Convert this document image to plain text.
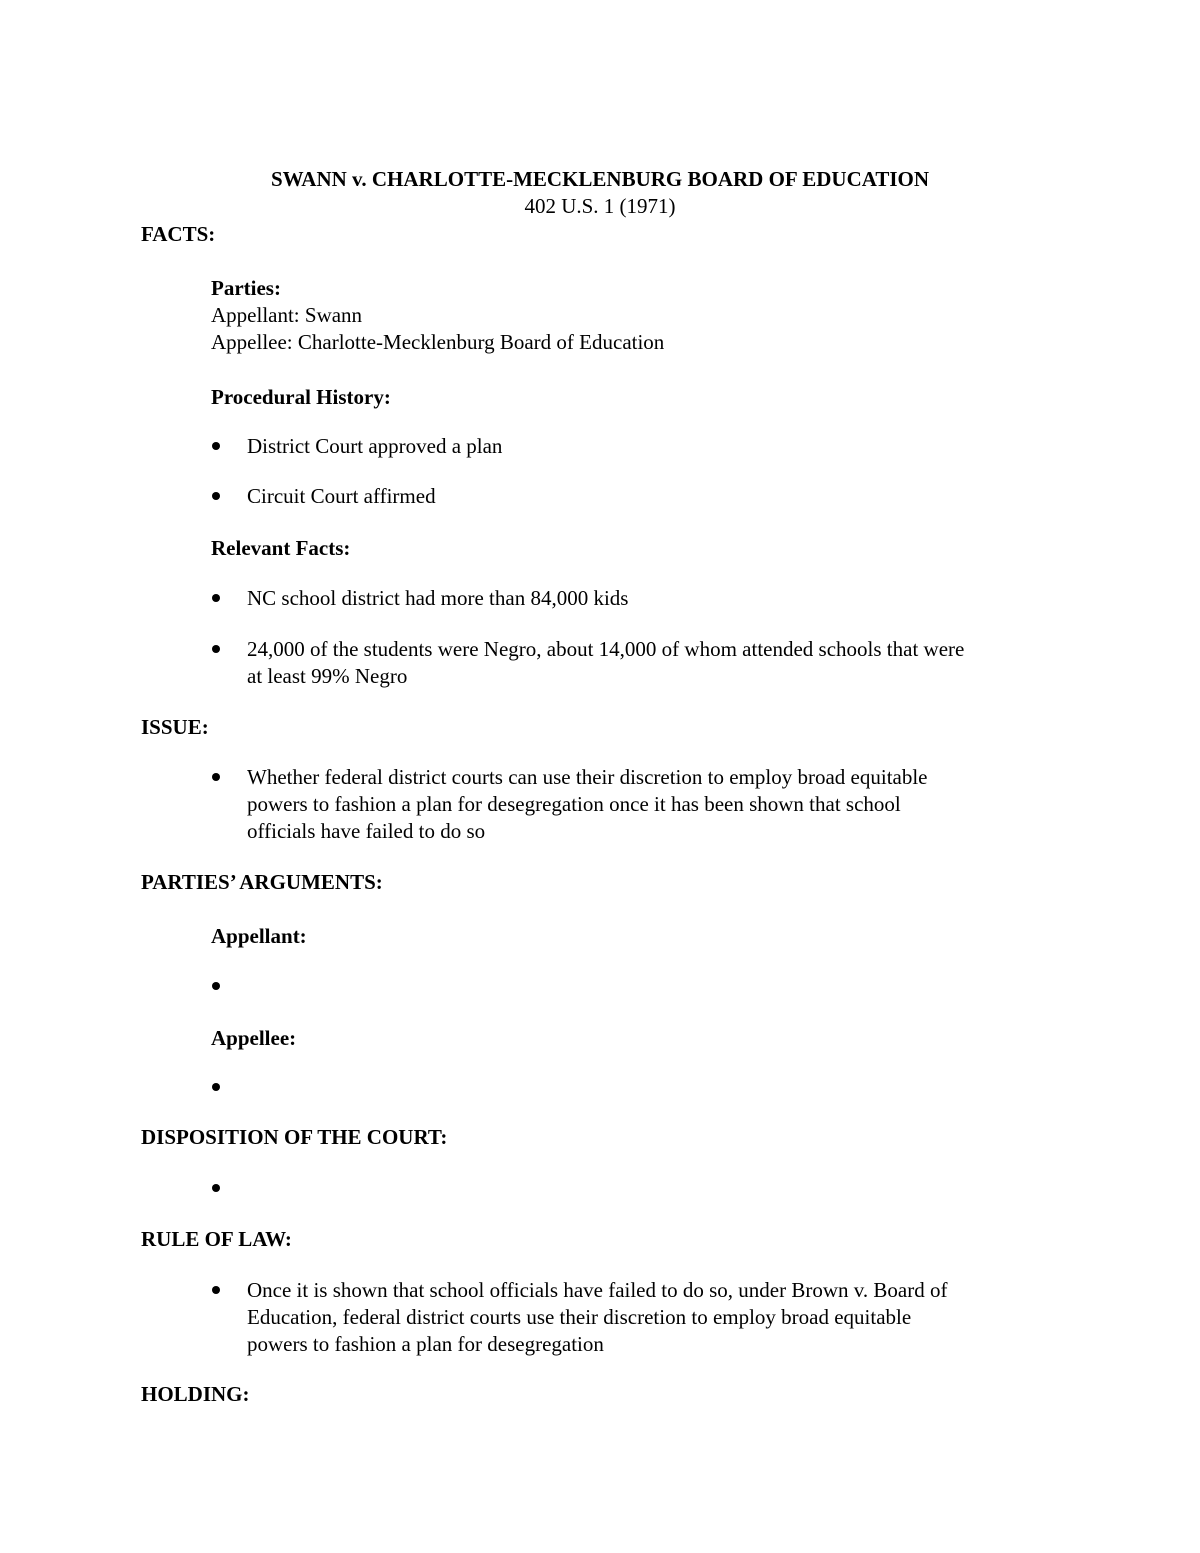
SWANN v. CHARLOTTE-MECKLENBURG BOARD OF EDUCATION
402 U.S. 1 (1971)
FACTS:
Parties:
Appellant: Swann
Appellee: Charlotte-Mecklenburg Board of Education
Procedural History:
District Court approved a plan
Circuit Court affirmed
Relevant Facts:
NC school district had more than 84,000 kids
24,000 of the students were Negro, about 14,000 of whom attended schools that were
at least 99% Negro
ISSUE:
Whether federal district courts can use their discretion to employ broad equitable
powers to fashion a plan for desegregation once it has been shown that school
officials have failed to do so
PARTIES’ ARGUMENTS:
Appellant:
Appellee:
DISPOSITION OF THE COURT:
RULE OF LAW:
Once it is shown that school officials have failed to do so, under Brown v. Board of
Education, federal district courts use their discretion to employ broad equitable
powers to fashion a plan for desegregation
HOLDING:
